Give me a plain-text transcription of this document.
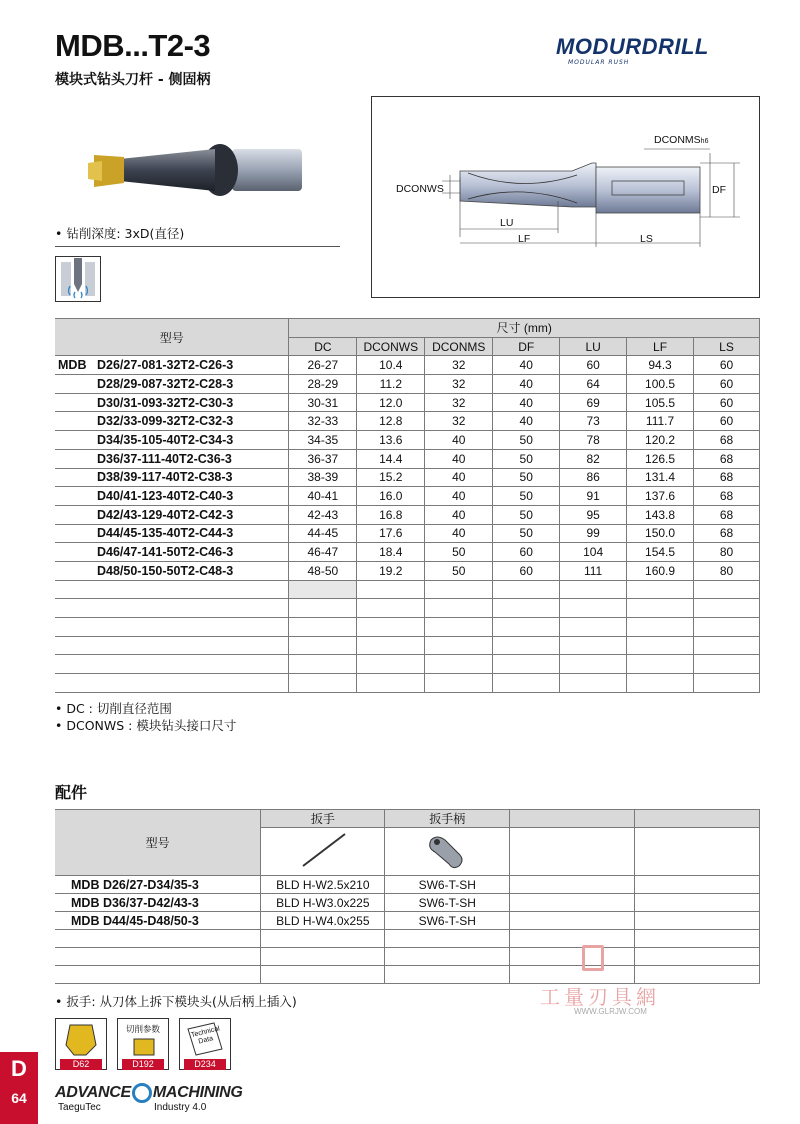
MDB...T2-3
模块式钻头刀杆 - 侧固柄
MODURDRILL
MODULAR RUSH
• 钻削深度: 3xD(直径)
DCONMSh6
DCONWS	DF
LU
LF	LS
型号	尺寸 (mm)						
	DC	DCONWS	DCONMS	DF	LU	LF	LS
MDB D26/27-081-32T2-C26-3	26-27	10.4	32	40	60	94.3	60
D28/29-087-32T2-C28-3	28-29	11.2	32	40	64	100.5	60
D30/31-093-32T2-C30-3	30-31	12.0	32	40	69	105.5	60
D32/33-099-32T2-C32-3	32-33	12.8	32	40	73	111.7	60
D34/35-105-40T2-C34-3	34-35	13.6	40	50	78	120.2	68
D36/37-111-40T2-C36-3	36-37	14.4	40	50	82	126.5	68
D38/39-117-40T2-C38-3	38-39	15.2	40	50	86	131.4	68
D40/41-123-40T2-C40-3	40-41	16.0	40	50	91	137.6	68
D42/43-129-40T2-C42-3	42-43	16.8	40	50	95	143.8	68
D44/45-135-40T2-C44-3	44-45	17.6	40	50	99	150.0	68
D46/47-141-50T2-C46-3	46-47	18.4	50	60	104	154.5	80
D48/50-150-50T2-C48-3	48-50	19.2	50	60	111	160.9	80

• DC : 切削直径范围
• DCONWS : 模块钻头接口尺寸
配件
型号	扳手	扳手柄		

MDB D26/27-D34/35-3	BLD H-W2.5x210	SW6-T-SH		
MDB D36/37-D42/43-3	BLD H-W3.0x225	SW6-T-SH		
MDB D44/45-D48/50-3	BLD H-W4.0x255	SW6-T-SH		

• 扳手: 从刀体上拆下模块头(从后柄上插入)	工量刃具網
WWW.GLRJW.COM
D62
切削参数
D192
Technical Data
D234
D
64	ADVANCE MACHINING
TaeguTec	Industry 4.0
